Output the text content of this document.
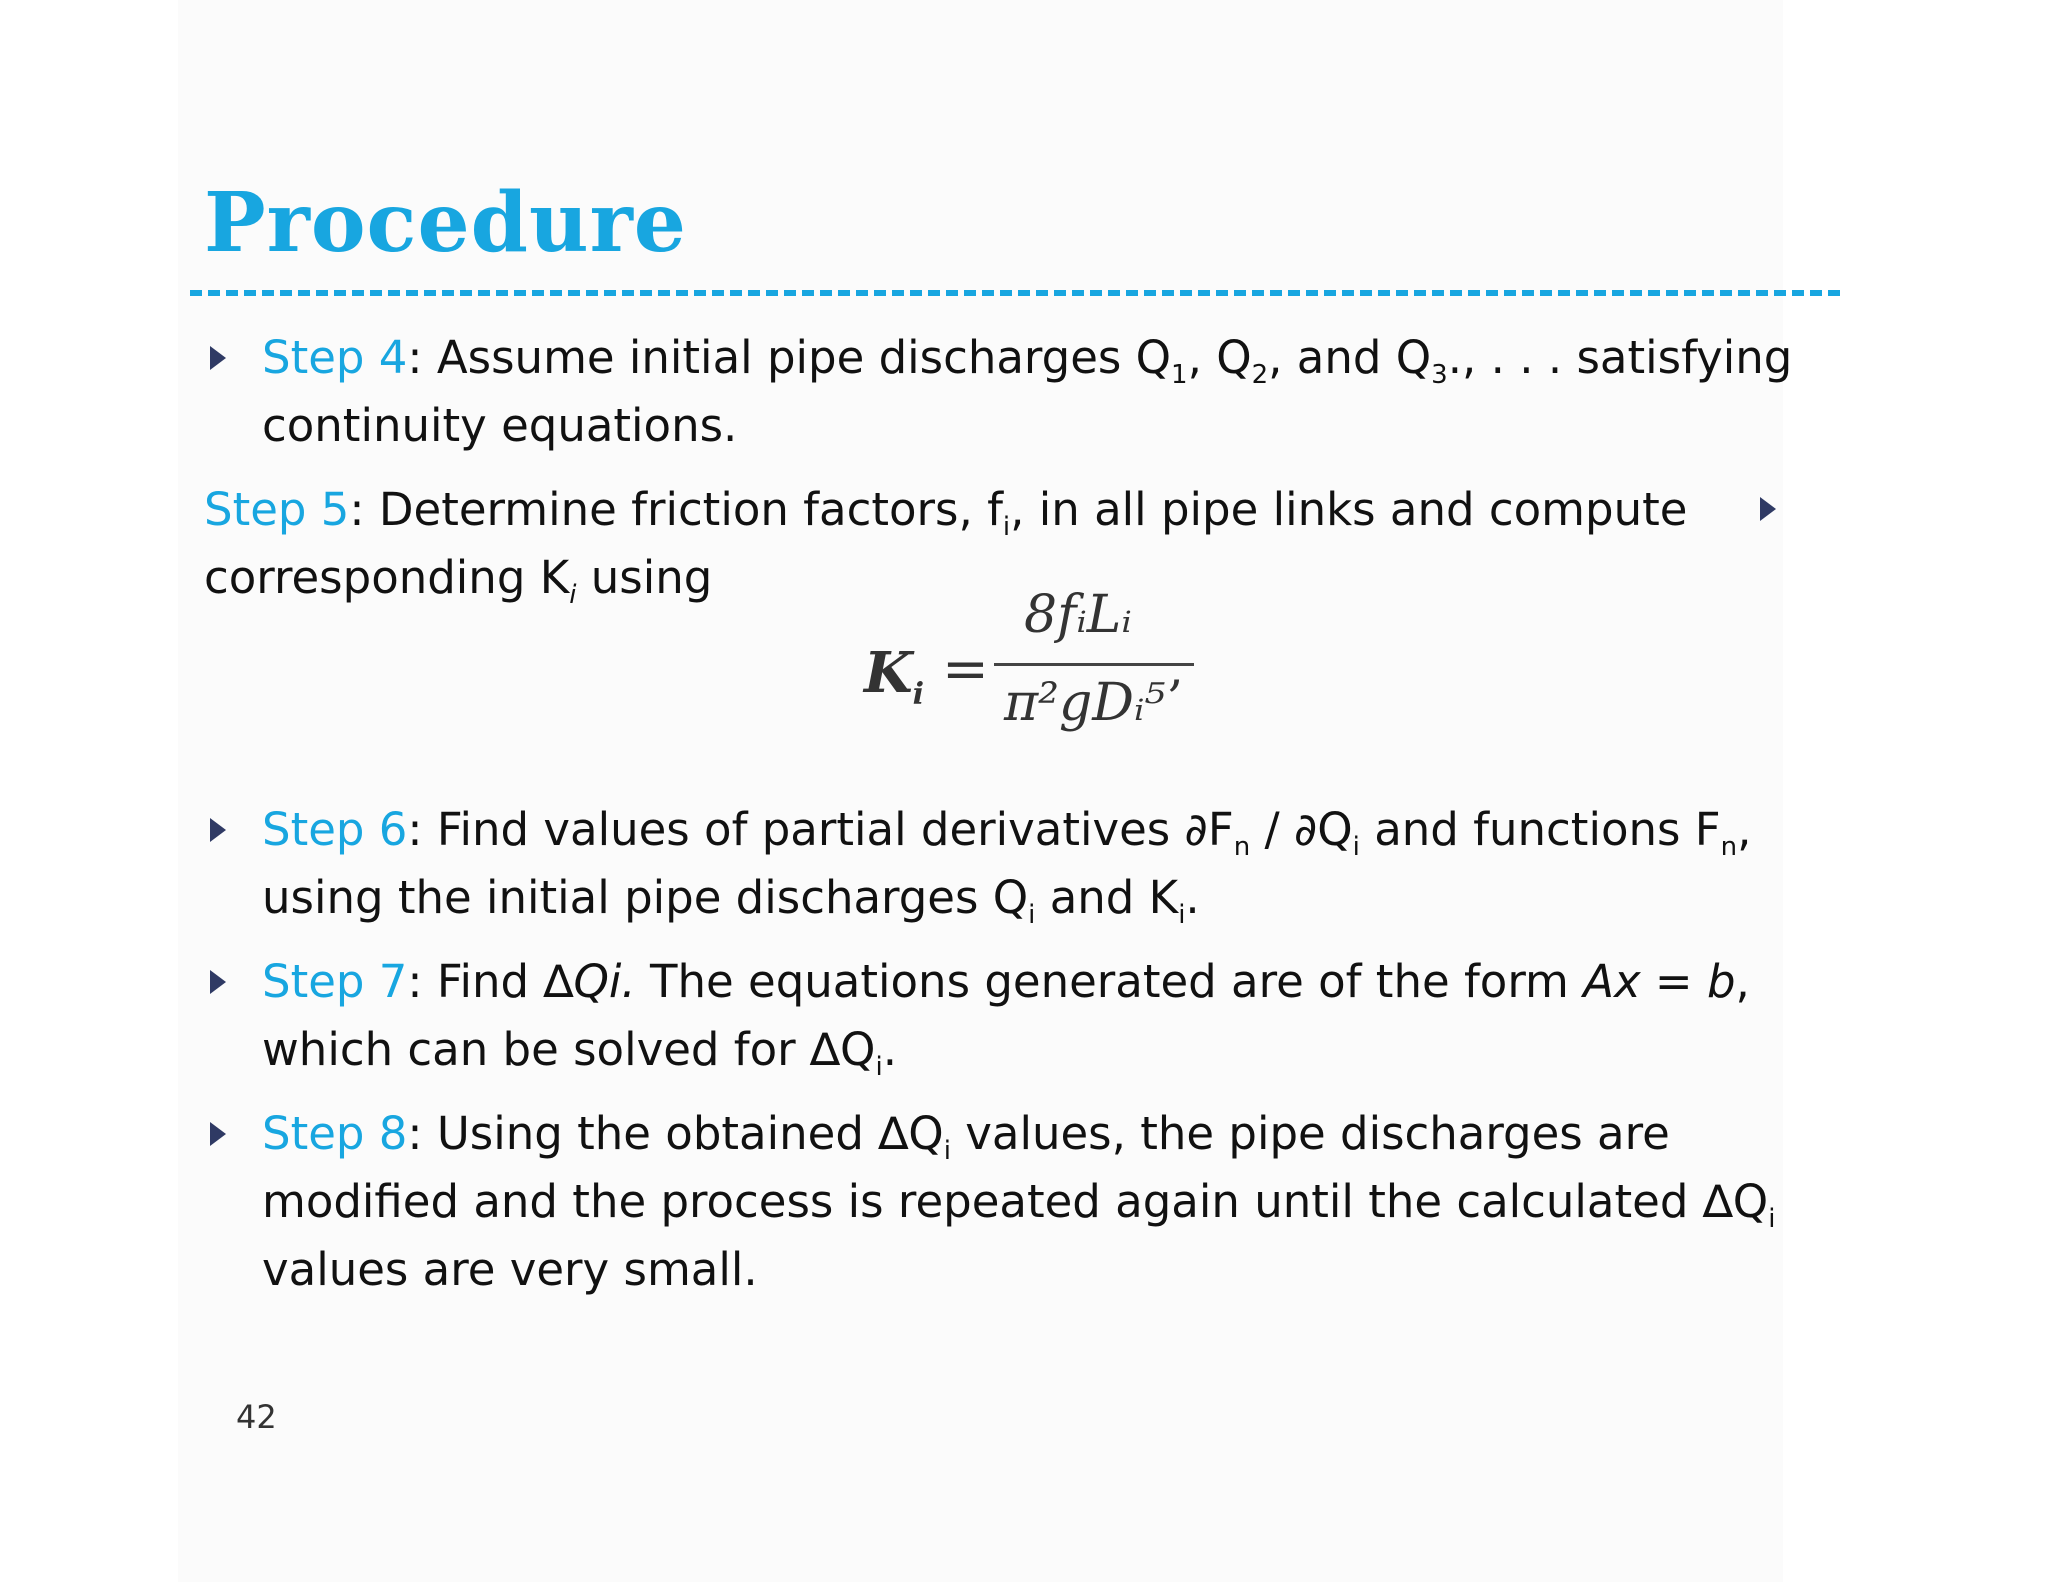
Procedure
Step 4: Assume initial pipe discharges $Q_1$, $Q_2$, and $Q_3$., . . . satisfying
continuity equations.
Step 5: Determine friction factors, $f_i$, in all pipe links and compute
corresponding $K_i$ using
$K_i$ =
8fᵢLᵢ
π²gDᵢ⁵
,
Step 6: Find values of partial derivatives $\partial F_n / \partial Q_i$ and functions $F_n$,
using the initial pipe discharges $Q_i$ and $K_i$.
Step 7: Find ∆Qi. The equations generated are of the form Ax = b,
which can be solved for $\Delta Q_i$.
Step 8: Using the obtained $\Delta Q_i$ values, the pipe discharges are
modified and the process is repeated again until the calculated $\Delta Q_i$
values are very small.
42
